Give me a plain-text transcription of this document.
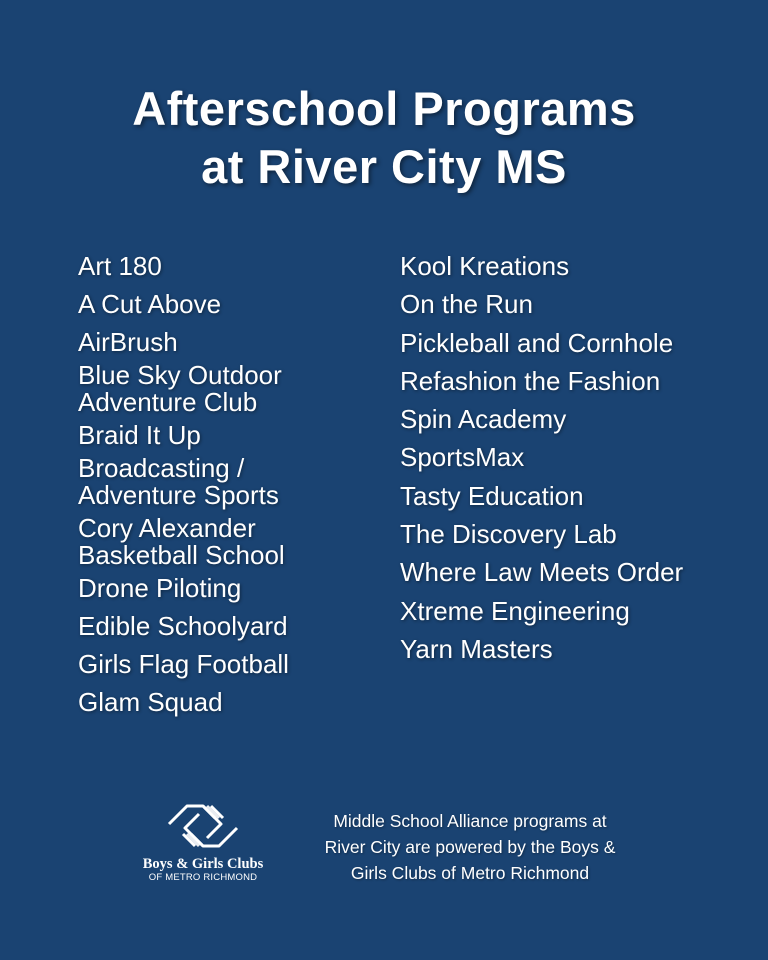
Afterschool Programs
at River City MS
Art 180
A Cut Above
AirBrush
Blue Sky Outdoor
Adventure Club
Braid It Up
Broadcasting /
Adventure Sports
Cory Alexander
Basketball School
Drone Piloting
Edible Schoolyard
Girls Flag Football
Glam Squad
Kool Kreations
On the Run
Pickleball and Cornhole
Refashion the Fashion
Spin Academy
SportsMax
Tasty Education
The Discovery Lab
Where Law Meets Order
Xtreme Engineering
Yarn Masters
Boys & Girls Clubs
OF METRO RICHMOND
Middle School Alliance programs at
River City are powered by the Boys &
Girls Clubs of Metro Richmond
